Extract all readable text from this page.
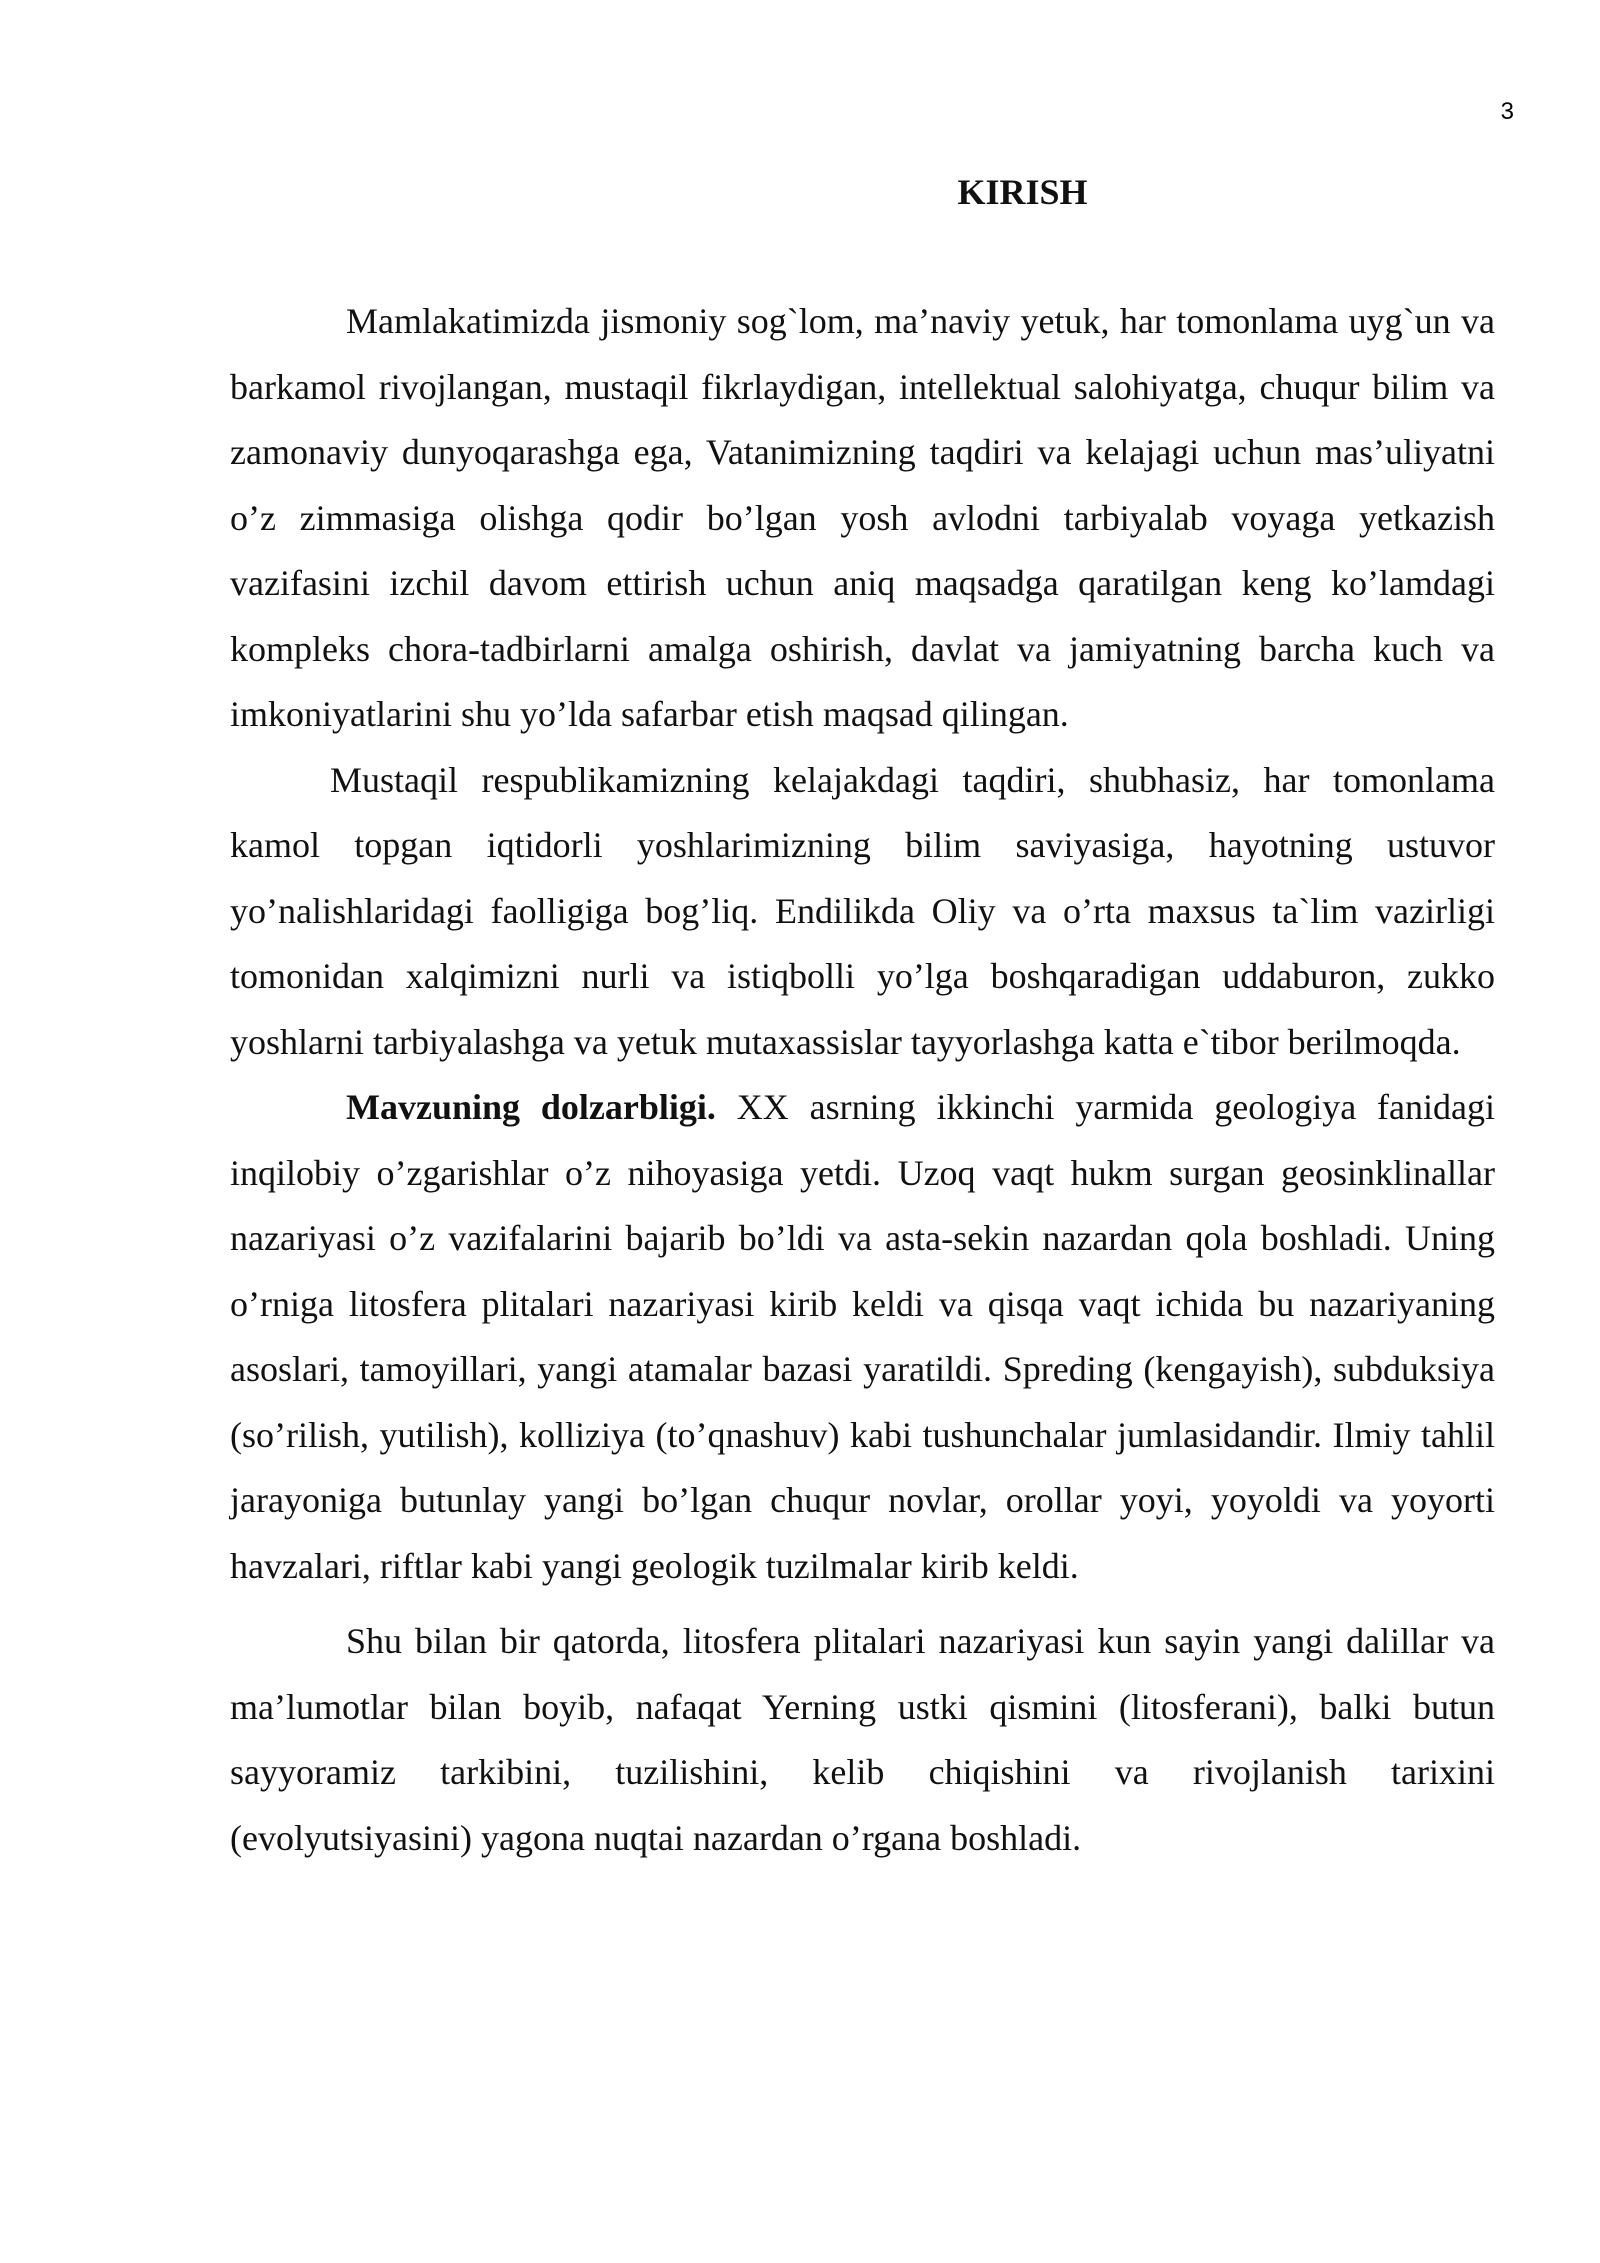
3
KIRISH

Mamlakatimizda jismoniy sog`lom, ma’naviy yetuk, har tomonlama uyg`un va barkamol rivojlangan, mustaqil fikrlaydigan, intellektual salohiyatga, chuqur bilim va zamonaviy dunyoqarashga ega, Vatanimizning taqdiri va kelajagi uchun mas’uliyatni o’z zimmasiga olishga qodir bo’lgan yosh avlodni tarbiyalab voyaga yetkazish vazifasini izchil davom ettirish uchun aniq maqsadga qaratilgan keng ko’lamdagi kompleks chora-tadbirlarni amalga oshirish, davlat va jamiyatning barcha kuch va imkoniyatlarini shu yo’lda safarbar etish maqsad qilingan.

Mustaqil respublikamizning kelajakdagi taqdiri, shubhasiz, har tomonlama kamol topgan iqtidorli yoshlarimizning bilim saviyasiga, hayotning ustuvor yo’nalishlaridagi faolligiga bog’liq. Endilikda Oliy va o’rta maxsus ta`lim vazirligi tomonidan xalqimizni nurli va istiqbolli yo’lga boshqaradigan uddaburon, zukko yoshlarni tarbiyalashga va yetuk mutaxassislar tayyorlashga katta e`tibor berilmoqda.

Mavzuning dolzarbligi. XX asrning ikkinchi yarmida geologiya fanidagi inqilobiy o’zgarishlar o’z nihoyasiga yetdi. Uzoq vaqt hukm surgan geosinklinallar nazariyasi o’z vazifalarini bajarib bo’ldi va asta-sekin nazardan qola boshladi. Uning o’rniga litosfera plitalari nazariyasi kirib keldi va qisqa vaqt ichida bu nazariyaning asoslari, tamoyillari, yangi atamalar bazasi yaratildi. Spreding (kengayish), subduksiya (so’rilish, yutilish), kolliziya (to’qnashuv) kabi tushunchalar jumlasidandir. Ilmiy tahlil jarayoniga butunlay yangi bo’lgan chuqur novlar, orollar yoyi, yoyoldi va yoyorti havzalari, riftlar kabi yangi geologik tuzilmalar kirib keldi.

Shu bilan bir qatorda, litosfera plitalari nazariyasi kun sayin yangi dalillar va ma’lumotlar bilan boyib, nafaqat Yerning ustki qismini (litosferani), balki butun sayyoramiz tarkibini, tuzilishini, kelib chiqishini va rivojlanish tarixini (evolyutsiyasini) yagona nuqtai nazardan o’rgana boshladi.
